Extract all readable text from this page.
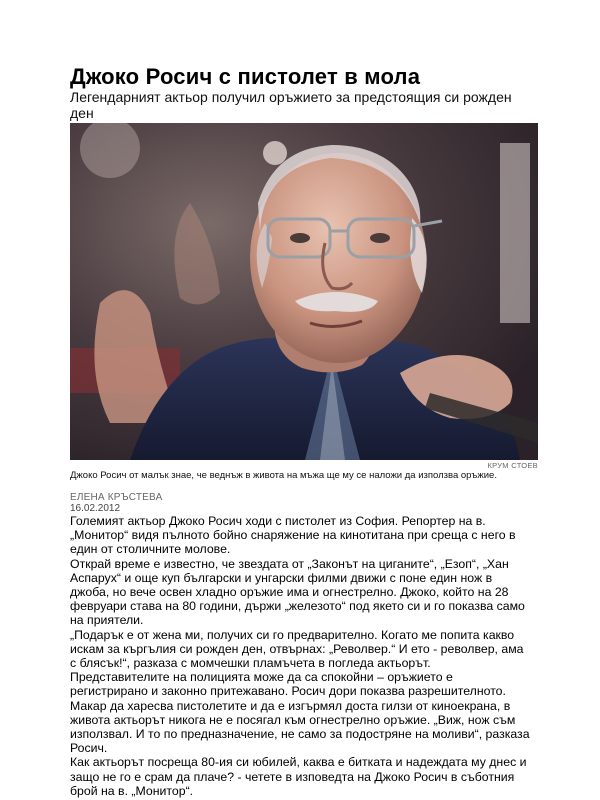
Джоко Росич с пистолет в мола

Легендарният актьор получил оръжието за предстоящия си рожден ден

КРУМ СТОЕВ

Джоко Росич от малък знае, че веднъж в живота на мъжа ще му се наложи да използва оръжие.

ЕЛЕНА КРЪСТЕВА
16.02.2012

Големият актьор Джоко Росич ходи с пистолет из София. Репортер на в. „Монитор“ видя пълното бойно снаряжение на кинотитана при среща с него в един от столичните молове.

Открай време е известно, че звездата от „Законът на циганите“, „Езоп“, „Хан Аспарух“ и още куп български и унгарски филми движи с поне един нож в джоба, но вече освен хладно оръжие има и огнестрелно. Джоко, който на 28 февруари става на 80 години, държи „железото“ под якето си и го показва само на приятели.

„Подарък е от жена ми, получих си го предварително. Когато ме попита какво искам за къргълия си рожден ден, отвърнах: „Револвер.“ И ето - револвер, ама с блясък!“, разказа с момчешки пламъчета в погледа актьорът.

Представителите на полицията може да са спокойни – оръжието е регистрирано и законно притежавано. Росич дори показва разрешителното.

Макар да харесва пистолетите и да е изгърмял доста гилзи от киноекрана, в живота актьорът никога не е посягал към огнестрелно оръжие. „Виж, нож съм използвал. И то по предназначение, не само за подостряне на моливи“, разказа Росич.

Как актьорът посреща 80-ия си юбилей, каква е битката и надеждата му днес и защо не го е срам да плаче? - четете в изповедта на Джоко Росич в съботния брой на в. „Монитор“.
